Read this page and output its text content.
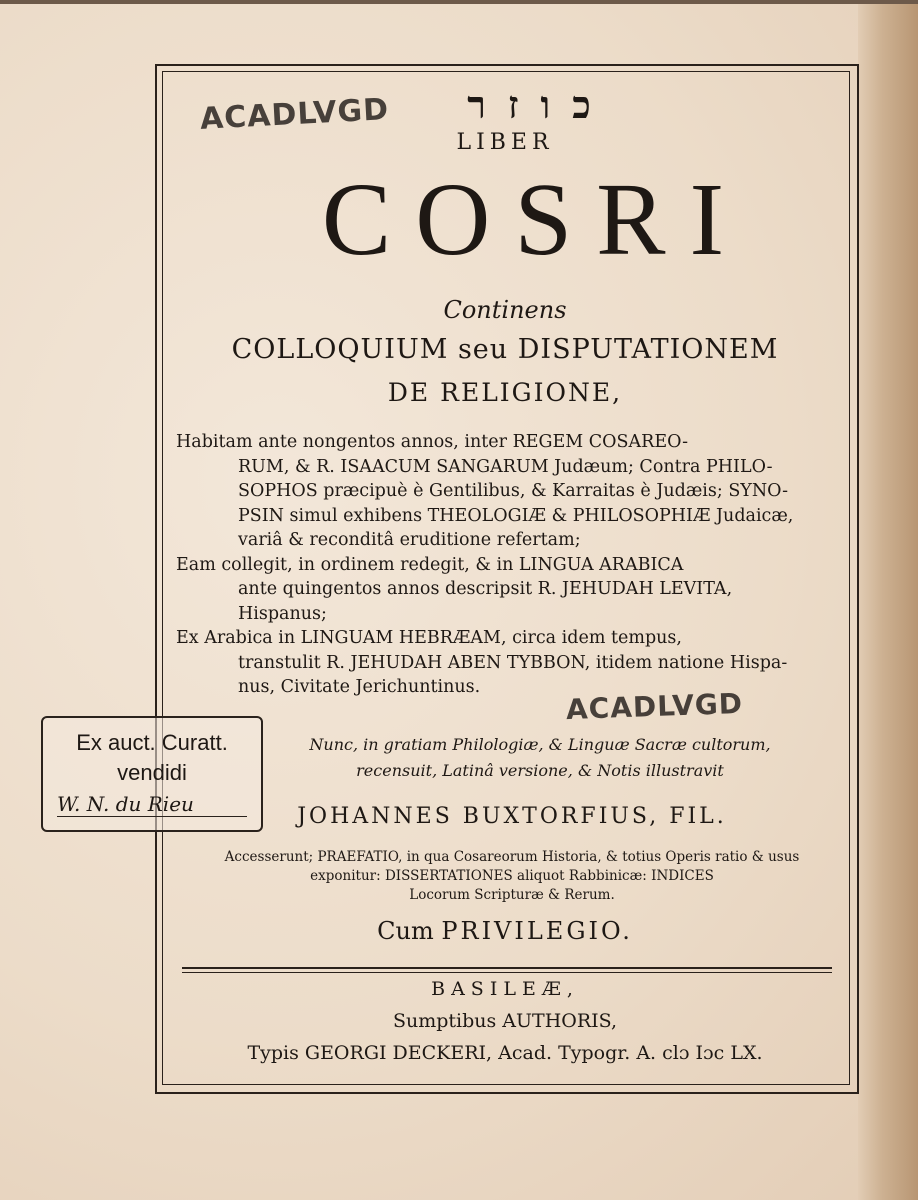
כוזר
LIBER
COSRI
Continens
COLLOQUIUM seu DISPUTATIONEM
DE RELIGIONE,
Habitam ante nongentos annos, inter REGEM COSAREO-
RUM, & R. ISAACUM SANGARUM Judæum; Contra PHILO-
SOPHOS præcipuè è Gentilibus, & Karraitas è Judæis; SYNO-
PSIN simul exhibens THEOLOGIÆ & PHILOSOPHIÆ Judaicæ,
variâ & reconditâ eruditione refertam;
Eam collegit, in ordinem redegit, & in LINGUA ARABICA
ante quingentos annos descripsit R. JEHUDAH LEVITA,
Hispanus;
Ex Arabica in LINGUAM HEBRÆAM, circa idem tempus,
transtulit R. JEHUDAH ABEN TYBBON, itidem natione Hispa-
nus, Civitate Jerichuntinus.
Nunc, in gratiam Philologiæ, & Linguæ Sacræ cultorum,
recensuit, Latinâ versione, & Notis illustravit
JOHANNES BUXTORFIUS, FIL.
Accesserunt; PRAEFATIO, in qua Cosareorum Historia, & totius Operis ratio & usus
exponitur: DISSERTATIONES aliquot Rabbinicæ: INDICES
Locorum Scripturæ & Rerum.
Cum PRIVILEGIO.
BASILEÆ,
Sumptibus AUTHORIS,
Typis GEORGI DECKERI, Acad. Typogr. A. clɔ Iɔc LX.
ACADLVGD
ACADLVGD
Ex auct. Curatt.
vendidi
W. N. du Rieu
